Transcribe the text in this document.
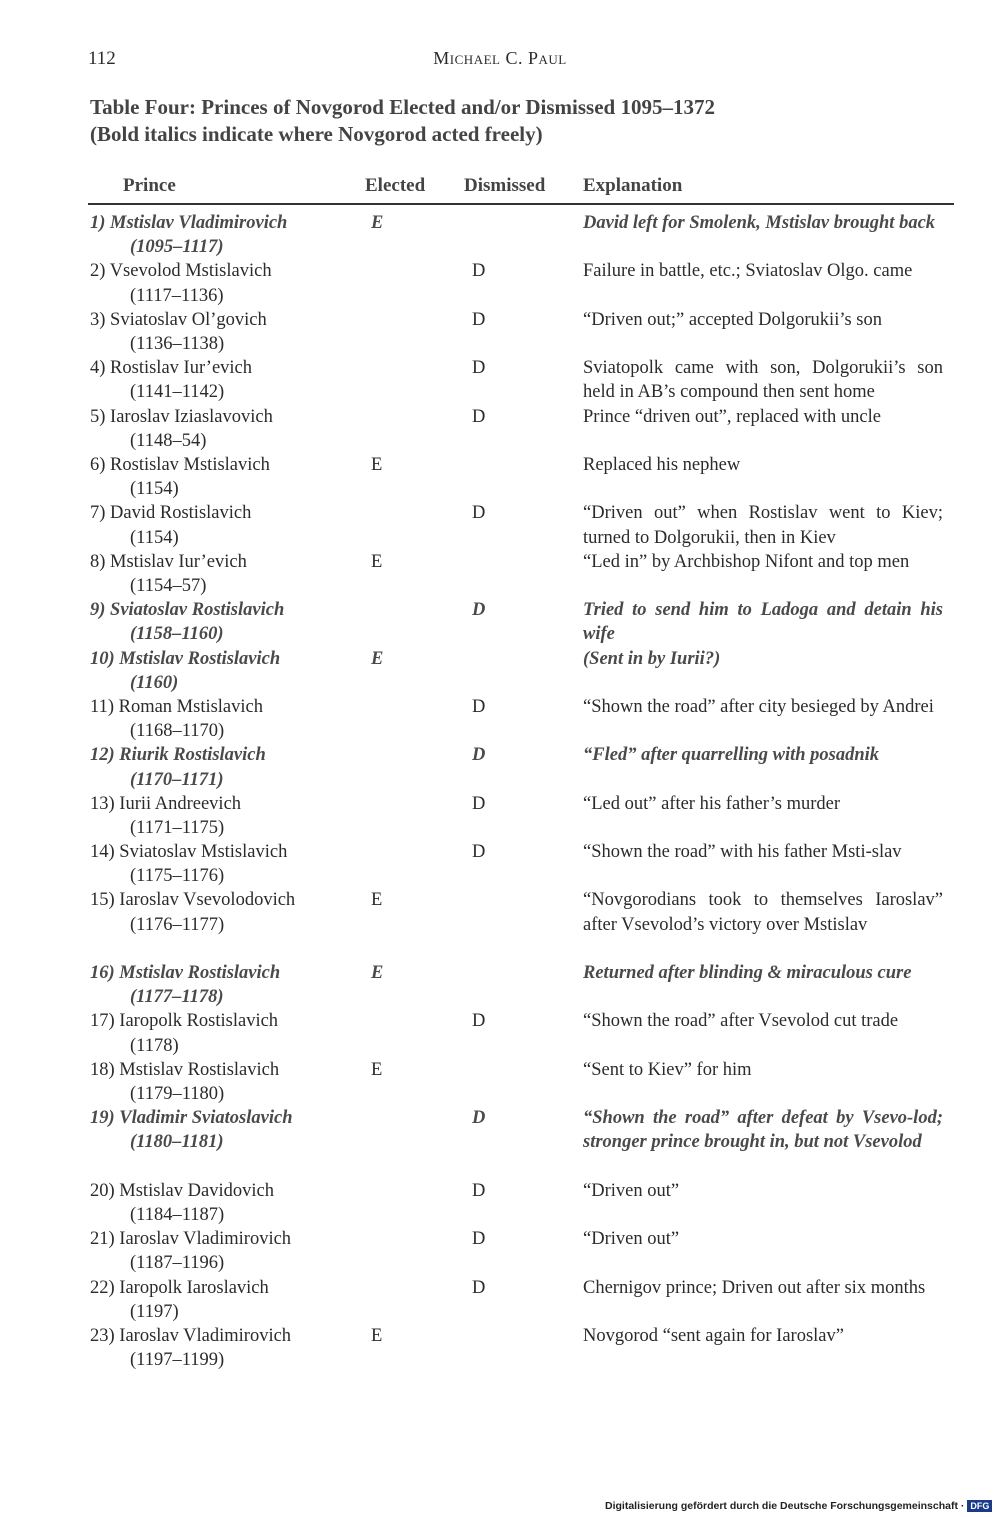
112	Michael C. Paul
Table Four: Princes of Novgorod Elected and/or Dismissed 1095–1372
(Bold italics indicate where Novgorod acted freely)
Prince	Elected Dismissed Explanation
1) Mstislav Vladimirovich
(1095–1117)
E	David left for Smolenk, Mstislav brought back
2) Vsevolod Mstislavich
(1117–1136)
D	Failure in battle, etc.; Sviatoslav Olgo. came
3) Sviatoslav Ol’govich
(1136–1138)
D	“Driven out;” accepted Dolgorukii’s son
4) Rostislav Iur’evich
(1141–1142)
D	Sviatopolk came with son, Dolgorukii’s son held in AB’s compound then sent home
5) Iaroslav Iziaslavovich
(1148–54)
D	Prince “driven out”, replaced with uncle
6) Rostislav Mstislavich
(1154)
E	Replaced his nephew
7) David Rostislavich
(1154)
D	“Driven out” when Rostislav went to Kiev; turned to Dolgorukii, then in Kiev
8) Mstislav Iur’evich
(1154–57)
E	“Led in” by Archbishop Nifont and top men
9) Sviatoslav Rostislavich
(1158–1160)
D	Tried to send him to Ladoga and detain his wife
10) Mstislav Rostislavich
(1160)
E	(Sent in by Iurii?)
11) Roman Mstislavich
(1168–1170)
D	“Shown the road” after city besieged by Andrei
12) Riurik Rostislavich
(1170–1171)
D	“Fled” after quarrelling with posadnik
13) Iurii Andreevich
(1171–1175)
D	“Led out” after his father’s murder
14) Sviatoslav Mstislavich
(1175–1176)
D	“Shown the road” with his father Msti-slav
15) Iaroslav Vsevolodovich
(1176–1177)
E	“Novgorodians took to themselves Iaroslav” after Vsevolod’s victory over Mstislav
16) Mstislav Rostislavich
(1177–1178)
E	Returned after blinding & miraculous cure
17) Iaropolk Rostislavich
(1178)
D	“Shown the road” after Vsevolod cut trade
18) Mstislav Rostislavich
(1179–1180)
E	“Sent to Kiev” for him
19) Vladimir Sviatoslavich
(1180–1181)
D	“Shown the road” after defeat by Vsevo-lod; stronger prince brought in, but not Vsevolod
20) Mstislav Davidovich
(1184–1187)
D	“Driven out”
21) Iaroslav Vladimirovich
(1187–1196)
D	“Driven out”
22) Iaropolk Iaroslavich
(1197)
D	Chernigov prince; Driven out after six months
23) Iaroslav Vladimirovich
(1197–1199)
E	Novgorod “sent again for Iaroslav”
Digitalisierung gefördert durch die Deutsche Forschungsgemeinschaft · DFG
